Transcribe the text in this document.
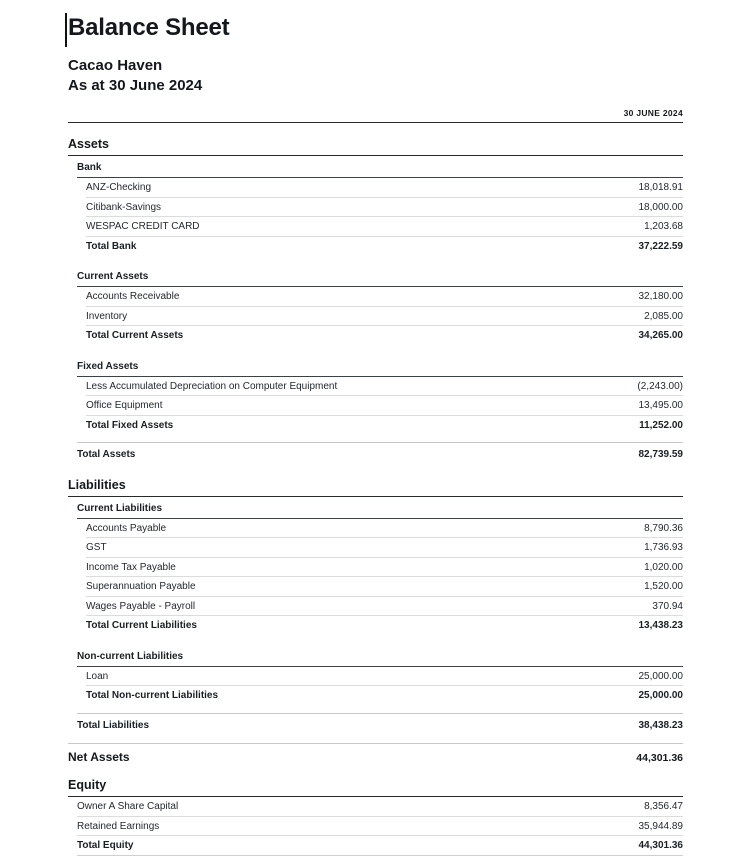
Balance Sheet
Cacao Haven
As at 30 June 2024
30 JUNE 2024
Assets
Bank
ANZ-Checking	18,018.91
Citibank-Savings	18,000.00
WESPAC CREDIT CARD	1,203.68
Total Bank	37,222.59
Current Assets
Accounts Receivable	32,180.00
Inventory	2,085.00
Total Current Assets	34,265.00
Fixed Assets
Less Accumulated Depreciation on Computer Equipment	(2,243.00)
Office Equipment	13,495.00
Total Fixed Assets	11,252.00
Total Assets	82,739.59
Liabilities
Current Liabilities
Accounts Payable	8,790.36
GST	1,736.93
Income Tax Payable	1,020.00
Superannuation Payable	1,520.00
Wages Payable - Payroll	370.94
Total Current Liabilities	13,438.23
Non-current Liabilities
Loan	25,000.00
Total Non-current Liabilities	25,000.00
Total Liabilities	38,438.23
Net Assets	44,301.36
Equity
Owner A Share Capital	8,356.47
Retained Earnings	35,944.89
Total Equity	44,301.36
